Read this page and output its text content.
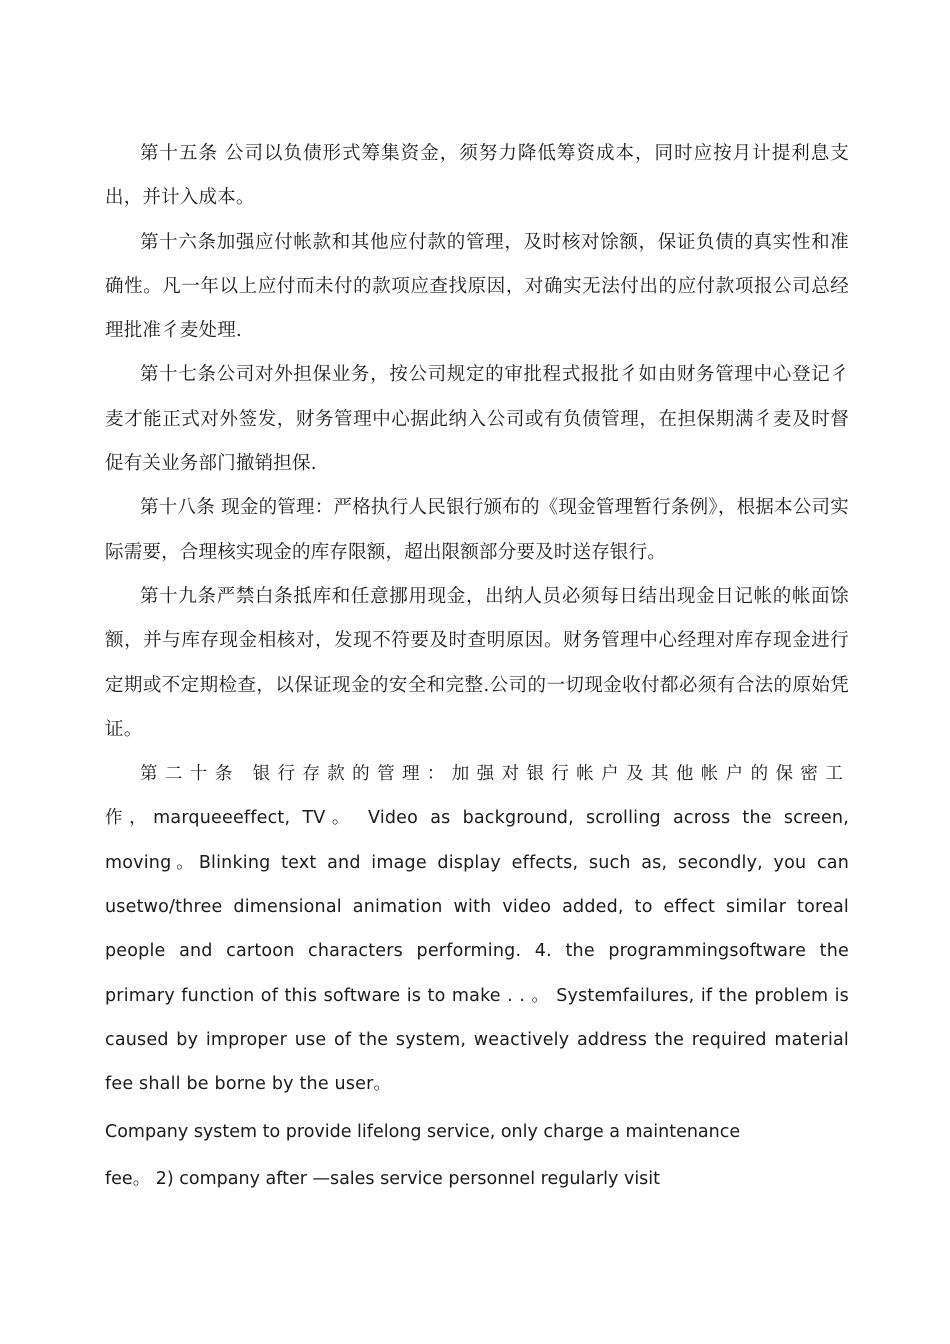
第十五条 公司以负债形式筹集资金，须努力降低筹资成本，同时应按月计提利息支出，并计入成本。

第十六条加强应付帐款和其他应付款的管理，及时核对馀额，保证负债的真实性和准确性。凡一年以上应付而未付的款项应查找原因，对确实无法付出的应付款项报公司总经理批准彳麦处理.

第十七条公司对外担保业务，按公司规定的审批程式报批彳如由财务管理中心登记彳麦才能正式对外签发，财务管理中心据此纳入公司或有负债管理，在担保期满彳麦及时督促有关业务部门撤销担保.

第十八条 现金的管理：严格执行人民银行颁布的《现金管理暂行条例》，根据本公司实际需要，合理核实现金的库存限额，超出限额部分要及时送存银行。

第十九条严禁白条抵库和任意挪用现金，出纳人员必须每日结出现金日记帐的帐面馀额，并与库存现金相核对，发现不符要及时查明原因。财务管理中心经理对库存现金进行定期或不定期检查，以保证现金的安全和完整.公司的一切现金收付都必须有合法的原始凭证。

第二十条 银行存款的管理：加强对银行帐户及其他帐户的保密工作，marqueeeffect, TV。 Video as background, scrolling across the screen, moving。Blinking text and image display effects, such as, secondly, you can usetwo/three dimensional animation with video added, to effect similar toreal people and cartoon characters performing. 4. the programmingsoftware the primary function of this software is to make . . 。 Systemfailures, if the problem is caused by improper use of the system, weactively address the required material fee shall be borne by the user。

Company system to provide lifelong service, only charge a maintenance

fee。 2) company after —sales service personnel regularly visit
